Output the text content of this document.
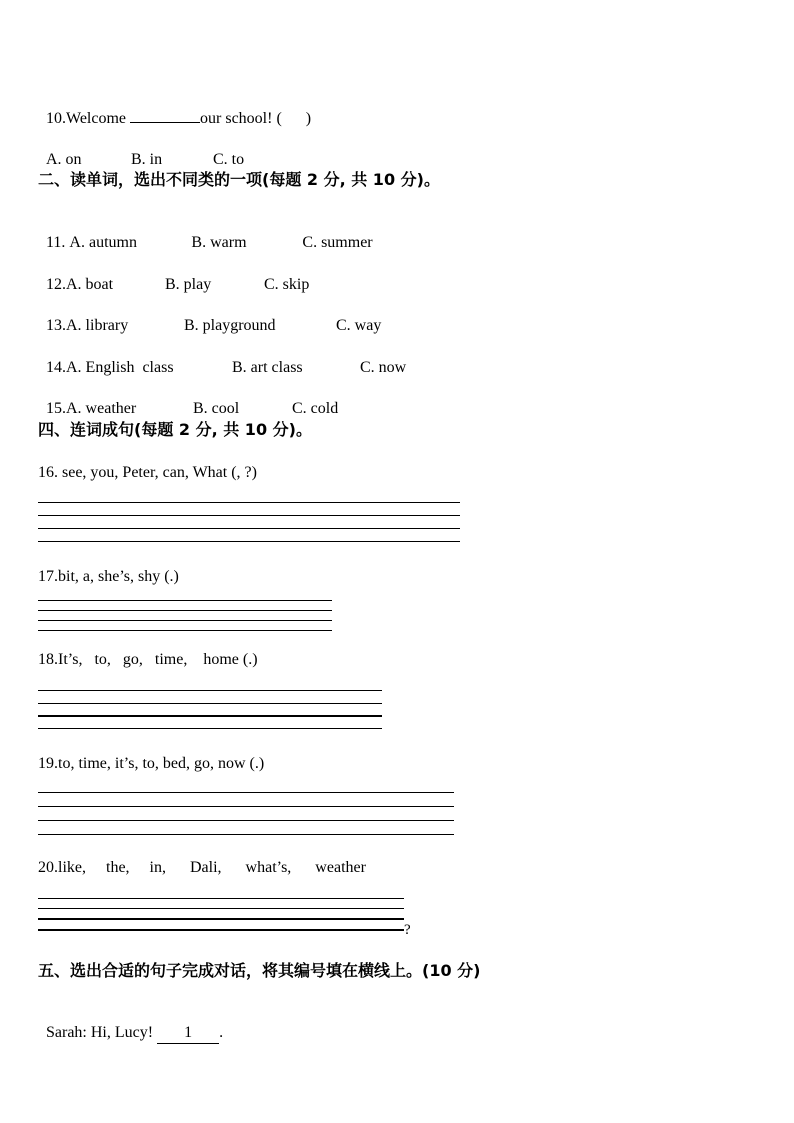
10.Welcome	our school! (      )

A. on	B. in	C. to

二、读单词，选出不同类的一项(每题 2 分, 共 10 分)。

11. A. autumn	B. warm	C. summer

12.A. boat	B. play	C. skip

13.A. library	B. playground	C. way

14.A. English  class	B. art class	C. now

15.A. weather	B. cool	C. cold

四、连词成句(每题 2 分, 共 10 分)。
16. see, you, Peter, can, What (, ?)
17.bit, a, she’s, shy (.)
18.It’s,   to,   go,   time,    home (.)
19.to, time, it’s, to, bed, go, now (.)
20.like,     the,     in,      Dali,      what’s,      weather
?
五、选出合适的句子完成对话，将其编号填在横线上。(10 分)

Sarah: Hi, Lucy! 1 .
